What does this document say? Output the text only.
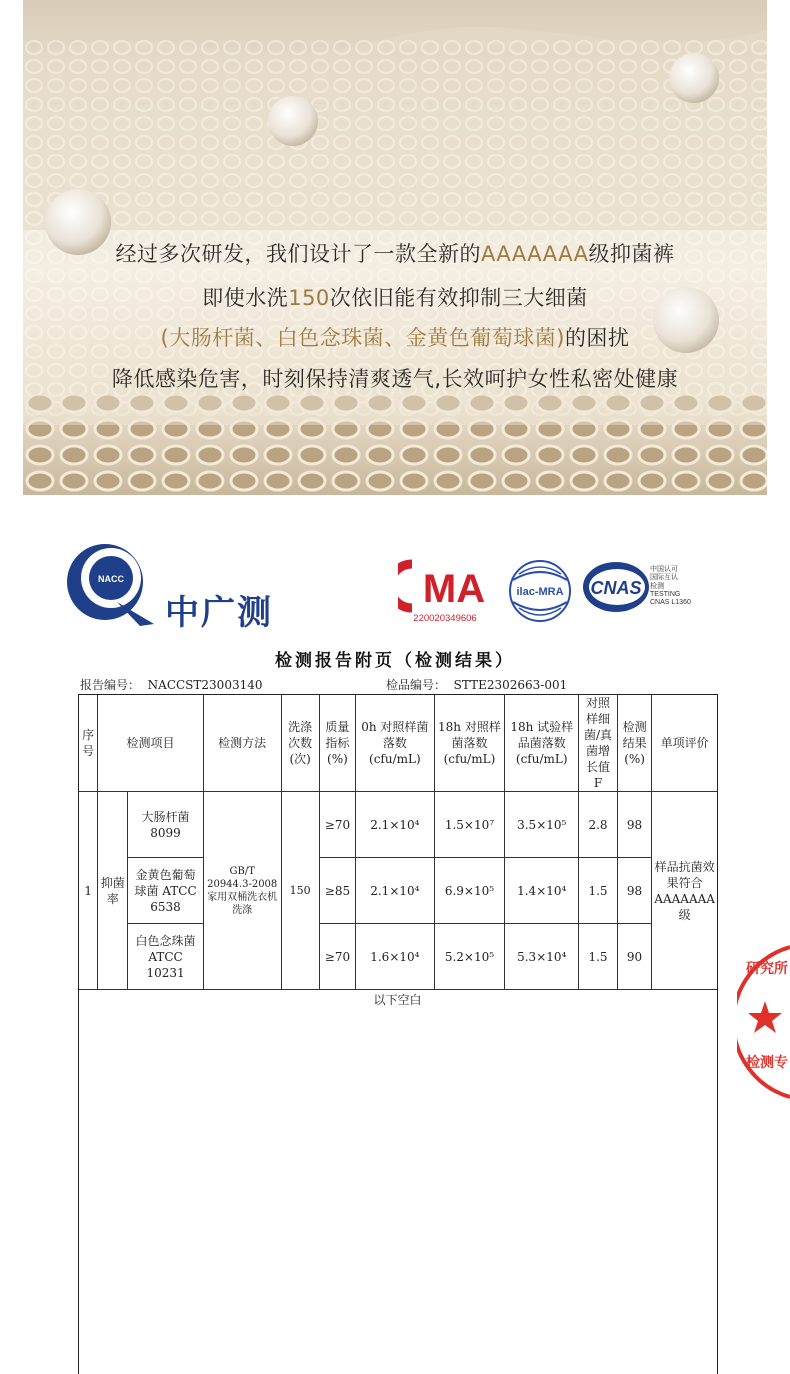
经过多次研发，我们设计了一款全新的AAAAAAA级抑菌裤
即使水洗150次依旧能有效抑制三大细菌
(大肠杆菌、白色念珠菌、金黄色葡萄球菌)的困扰
降低感染危害，时刻保持清爽透气,长效呵护女性私密处健康
NACC
中广测
MA
220020349606
ilac-MRA CNAS
中国认可
国际互认
检测
TESTING
CNAS L1360
检测报告附页（检测结果）
报告编号： NACCST23003140	检品编号： STTE2302663-001
序号	检测项目		检测方法	洗涤次数(次)	质量指标(%)	0h 对照样菌落数(cfu/mL)	18h 对照样菌落数(cfu/mL)	18h 试验样品菌落数(cfu/mL)	对照样细菌/真菌增长值 F	检测结果(%)	单项评价
1	抑菌率	大肠杆菌 8099	GB/T 20944.3-2008 家用双桶洗衣机洗涤	150	≥70	2.1×10⁴	1.5×10⁷	3.5×10⁵	2.8	98	样品抗菌效果符合AAAAAAA级
		金黄色葡萄球菌 ATCC 6538			≥85	2.1×10⁴	6.9×10⁵	1.4×10⁴	1.5	98	
		白色念珠菌 ATCC 10231			≥70	1.6×10⁴	5.2×10⁵	5.3×10⁴	1.5	90	
以下空白
研究所
检测专
